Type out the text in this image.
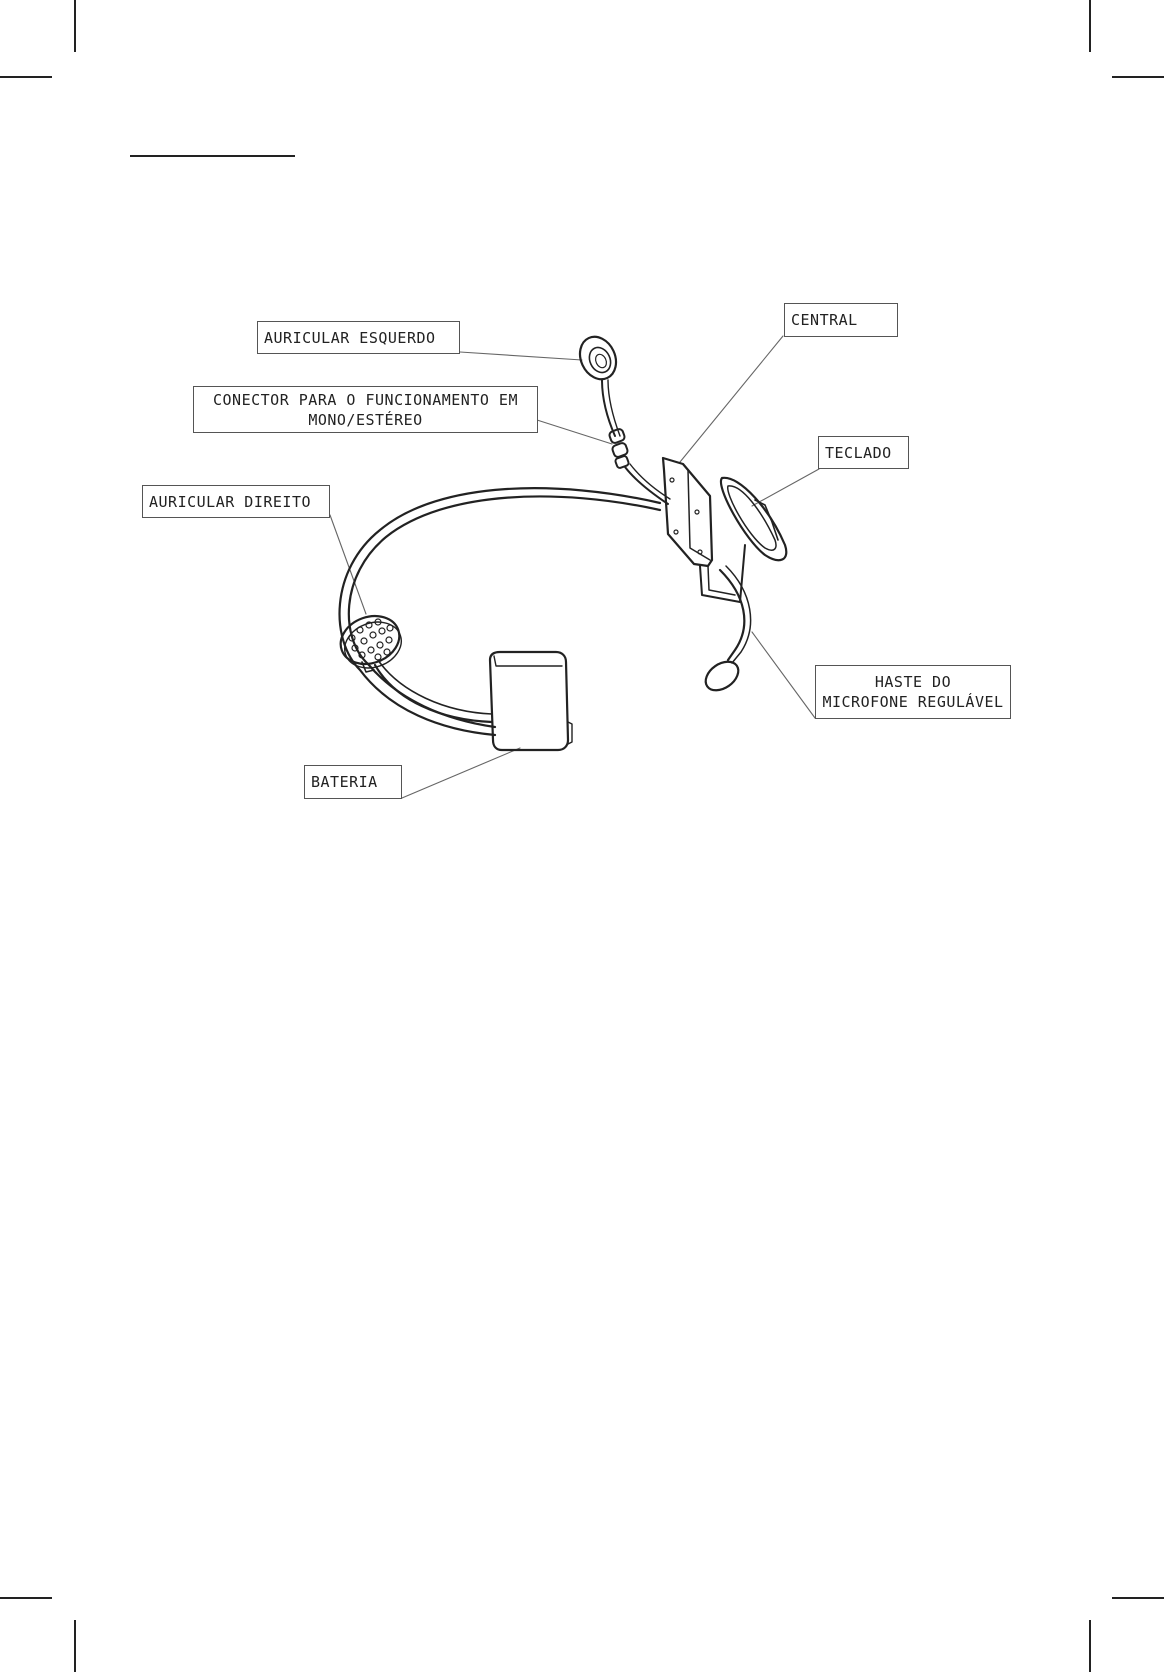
AURICULAR ESQUERDO
CENTRAL
CONECTOR PARA O FUNCIONAMENTO EM
MONO/ESTÉREO
TECLADO
AURICULAR DIREITO
HASTE DO
MICROFONE REGULÁVEL
BATERIA
